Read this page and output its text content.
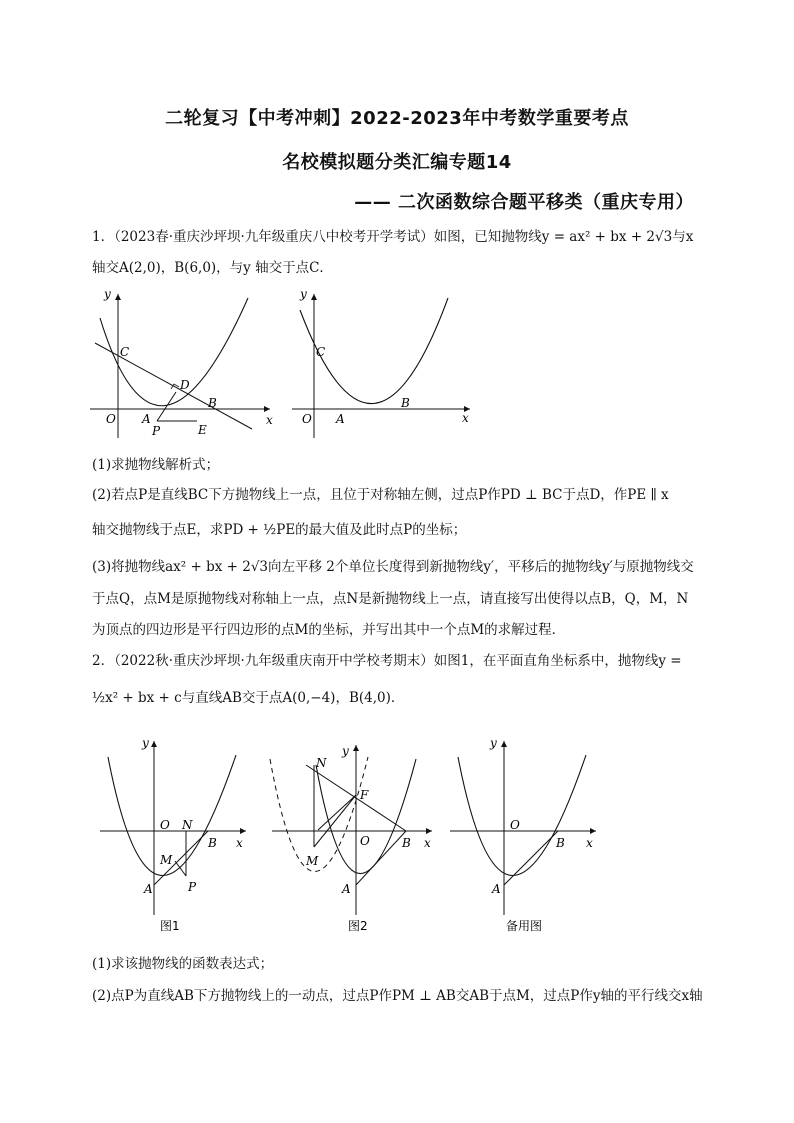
二轮复习【中考冲刺】2022-2023年中考数学重要考点
名校模拟题分类汇编专题14
—— 二次函数综合题平移类（重庆专用）
1．（2023春·重庆沙坪坝·九年级重庆八中校考开学考试）如图，已知抛物线y = ax² + bx + 2√3与x
轴交A(2,0)，B(6,0)，与y 轴交于点C．
y
x
O A
B
C
D
P	E
y
x
O A
B
C
(1)求抛物线解析式；
(2)若点P是直线BC下方抛物线上一点，且位于对称轴左侧，过点P作PD ⊥ BC于点D，作PE ∥ x
轴交抛物线于点E，求PD + ½PE的最大值及此时点P的坐标；
(3)将抛物线ax² + bx + 2√3向左平移 2个单位长度得到新抛物线y′，平移后的抛物线y′与原抛物线交
于点Q，点M是原抛物线对称轴上一点，点N是新抛物线上一点，请直接写出使得以点B，Q，M，N
为顶点的四边形是平行四边形的点M的坐标，并写出其中一个点M的求解过程．
2．（2022秋·重庆沙坪坝·九年级重庆南开中学校考期末）如图1，在平面直角坐标系中，抛物线y =
½x² + bx + c与直线AB交于点A(0,−4)，B(4,0)．
y
x
O N
B
M
A	P
图1
y
x
O
N
F
B
M
A
图2
y
x
O
B
A
备用图
(1)求该抛物线的函数表达式；
(2)点P为直线AB下方抛物线上的一动点，过点P作PM ⊥ AB交AB于点M，过点P作y轴的平行线交x轴
